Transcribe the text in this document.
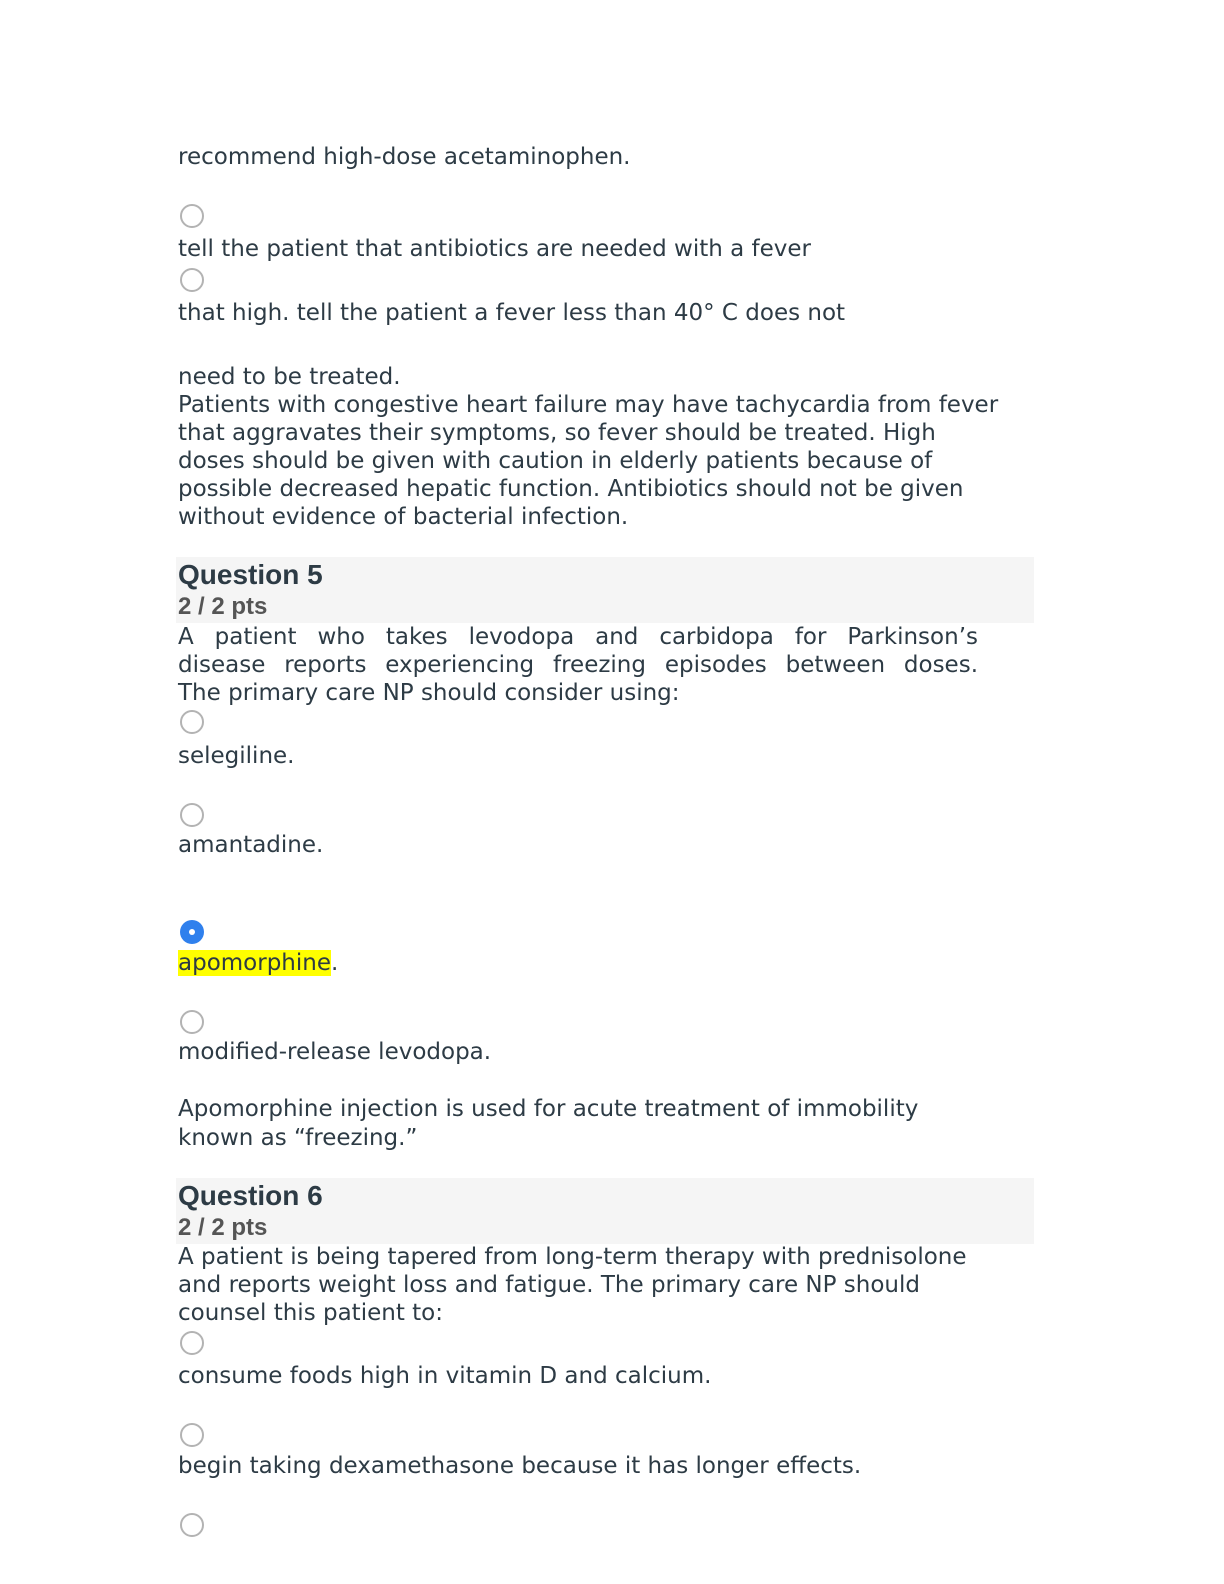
recommend high-dose acetaminophen.
tell the patient that antibiotics are needed with a fever
that high. tell the patient a fever less than 40° C does not
need to be treated.
Patients with congestive heart failure may have tachycardia from fever
that aggravates their symptoms, so fever should be treated. High
doses should be given with caution in elderly patients because of
possible decreased hepatic function. Antibiotics should not be given
without evidence of bacterial infection.
Question 5
2 / 2 pts
A patient who takes levodopa and carbidopa for Parkinson’s
disease reports experiencing freezing episodes between doses.
The primary care NP should consider using:
selegiline.
amantadine.
apomorphine.
modified-release levodopa.
Apomorphine injection is used for acute treatment of immobility
known as “freezing.”
Question 6
2 / 2 pts
A patient is being tapered from long-term therapy with prednisolone
and reports weight loss and fatigue. The primary care NP should
counsel this patient to:
consume foods high in vitamin D and calcium.
begin taking dexamethasone because it has longer effects.
